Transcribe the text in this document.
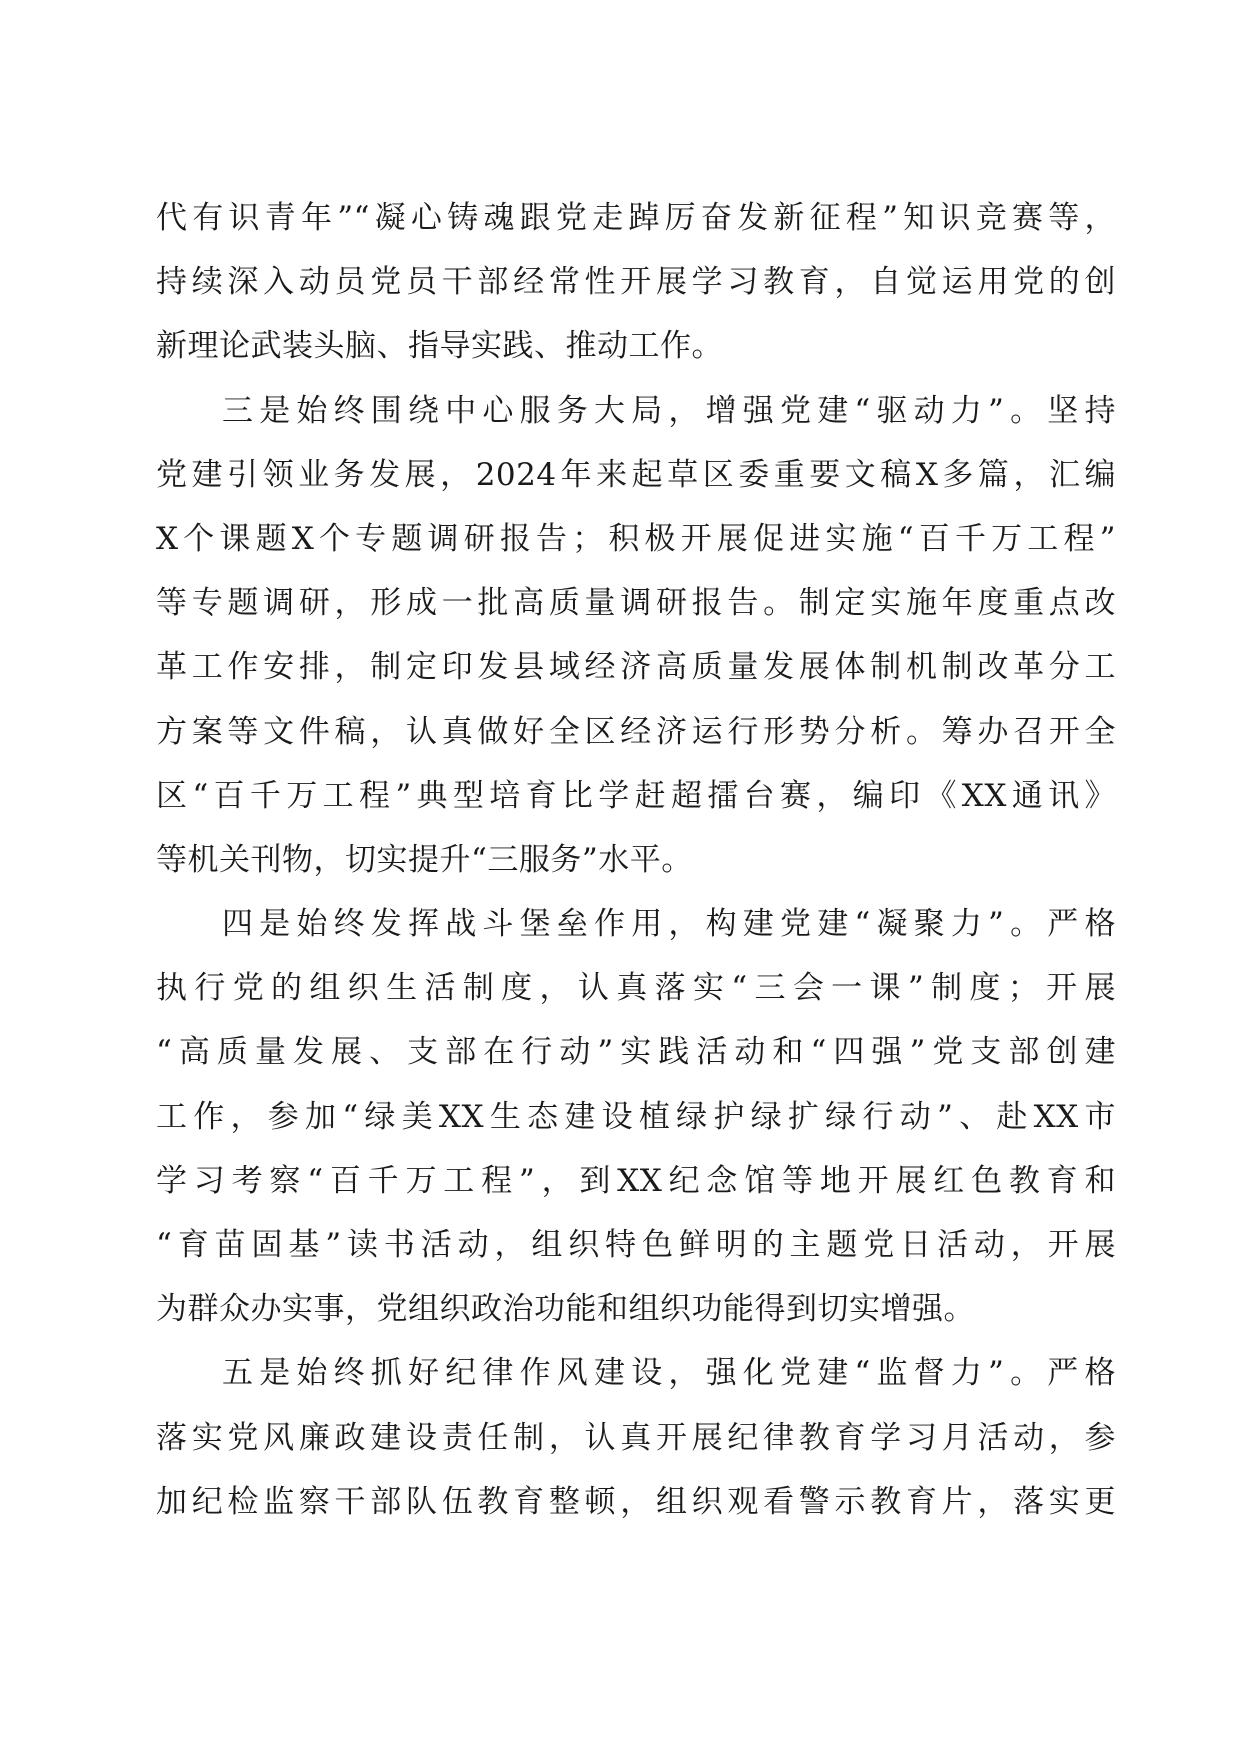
代有识青年”“凝心铸魂跟党走踔厉奋发新征程”知识竞赛等，
持续深入动员党员干部经常性开展学习教育，自觉运用党的创
新理论武装头脑、指导实践、推动工作。
三是始终围绕中心服务大局，增强党建“驱动力”。坚持
党建引领业务发展，2024年来起草区委重要文稿X多篇，汇编
X个课题X个专题调研报告；积极开展促进实施“百千万工程”
等专题调研，形成一批高质量调研报告。制定实施年度重点改
革工作安排，制定印发县域经济高质量发展体制机制改革分工
方案等文件稿，认真做好全区经济运行形势分析。筹办召开全
区“百千万工程”典型培育比学赶超擂台赛，编印《XX通讯》
等机关刊物，切实提升“三服务”水平。
四是始终发挥战斗堡垒作用，构建党建“凝聚力”。严格
执行党的组织生活制度，认真落实“三会一课”制度；开展
“高质量发展、支部在行动”实践活动和“四强”党支部创建
工作，参加“绿美XX生态建设植绿护绿扩绿行动”、赴XX市
学习考察“百千万工程”，到XX纪念馆等地开展红色教育和
“育苗固基”读书活动，组织特色鲜明的主题党日活动，开展
为群众办实事，党组织政治功能和组织功能得到切实增强。
五是始终抓好纪律作风建设，强化党建“监督力”。严格
落实党风廉政建设责任制，认真开展纪律教育学习月活动，参
加纪检监察干部队伍教育整顿，组织观看警示教育片，落实更
